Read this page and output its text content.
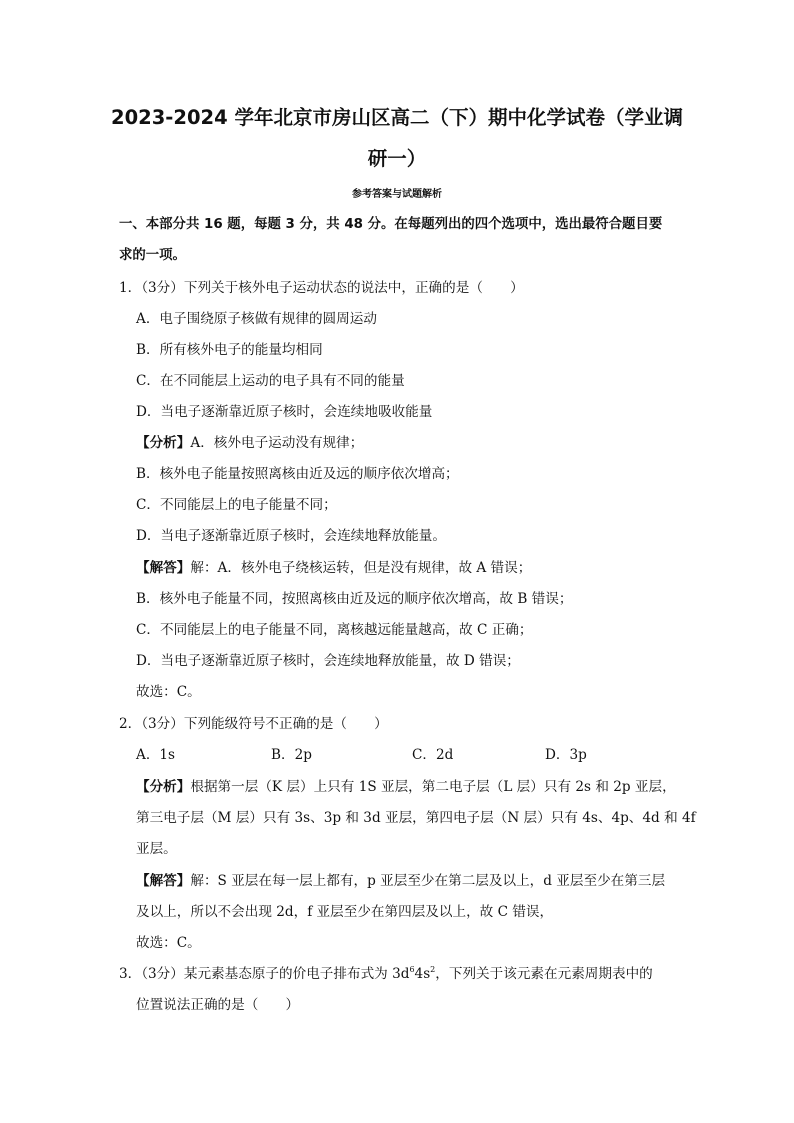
2023-2024 学年北京市房山区高二（下）期中化学试卷（学业调
研一）
参考答案与试题解析
一、本部分共 16 题，每题 3 分，共 48 分。在每题列出的四个选项中，选出最符合题目要
求的一项。
1．（3分）下列关于核外电子运动状态的说法中，正确的是（　　）
A．电子围绕原子核做有规律的圆周运动
B．所有核外电子的能量均相同
C．在不同能层上运动的电子具有不同的能量
D．当电子逐渐靠近原子核时，会连续地吸收能量
【分析】A．核外电子运动没有规律；
B．核外电子能量按照离核由近及远的顺序依次增高；
C．不同能层上的电子能量不同；
D．当电子逐渐靠近原子核时，会连续地释放能量。
【解答】解：A．核外电子绕核运转，但是没有规律，故 A 错误；
B．核外电子能量不同，按照离核由近及远的顺序依次增高，故 B 错误；
C．不同能层上的电子能量不同，离核越远能量越高，故 C 正确；
D．当电子逐渐靠近原子核时，会连续地释放能量，故 D 错误；
故选：C。
2．（3分）下列能级符号不正确的是（　　）
A．1s	B．2p	C．2d	D．3p
【分析】根据第一层（K 层）上只有 1S 亚层，第二电子层（L 层）只有 2s 和 2p 亚层，
第三电子层（M 层）只有 3s、3p 和 3d 亚层，第四电子层（N 层）只有 4s、4p、4d 和 4f
亚层。
【解答】解：S 亚层在每一层上都有，p 亚层至少在第二层及以上，d 亚层至少在第三层
及以上，所以不会出现 2d，f 亚层至少在第四层及以上，故 C 错误，
故选：C。
3．（3分）某元素基态原子的价电子排布式为 $3d^64s^2$，下列关于该元素在元素周期表中的
位置说法正确的是（　　）
